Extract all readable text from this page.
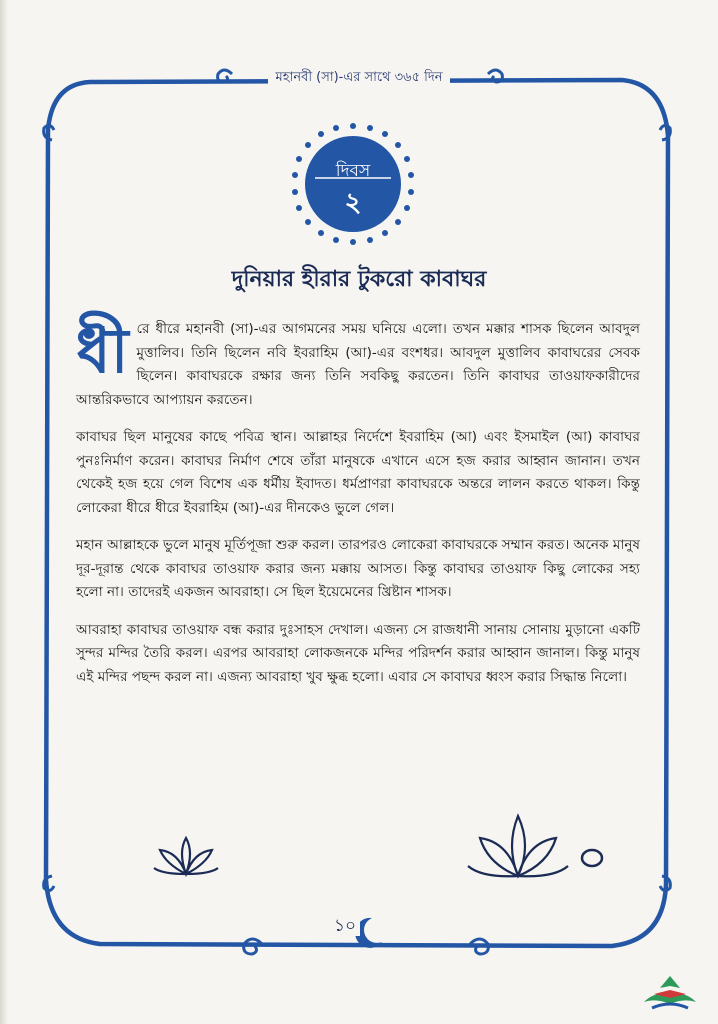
মহানবী (সা)-এর সাথে ৩৬৫ দিন
দিবস
২
দুনিয়ার হীরার টুকরো কাবাঘর

ধী রে ধীরে মহানবী (সা)-এর আগমনের সময় ঘনিয়ে এলো। তখন মক্কার শাসক ছিলেন আবদুল মুত্তালিব। তিনি ছিলেন নবি ইবরাহিম (আ)-এর বংশধর। আবদুল মুত্তালিব কাবাঘরের সেবক ছিলেন। কাবাঘরকে রক্ষার জন্য তিনি সবকিছু করতেন। তিনি কাবাঘর তাওয়াফকারীদের আন্তরিকভাবে আপ্যায়ন করতেন।

কাবাঘর ছিল মানুষের কাছে পবিত্র স্থান। আল্লাহর নির্দেশে ইবরাহিম (আ) এবং ইসমাইল (আ) কাবাঘর পুনঃনির্মাণ করেন। কাবাঘর নির্মাণ শেষে তাঁরা মানুষকে এখানে এসে হজ করার আহ্বান জানান। তখন থেকেই হজ হয়ে গেল বিশেষ এক ধর্মীয় ইবাদত। ধর্মপ্রাণরা কাবাঘরকে অন্তরে লালন করতে থাকল। কিন্তু লোকেরা ধীরে ধীরে ইবরাহিম (আ)-এর দীনকেও ভুলে গেল।

মহান আল্লাহকে ভুলে মানুষ মূর্তিপূজা শুরু করল। তারপরও লোকেরা কাবাঘরকে সম্মান করত। অনেক মানুষ দূর-দূরান্ত থেকে কাবাঘর তাওয়াফ করার জন্য মক্কায় আসত। কিন্তু কাবাঘর তাওয়াফ কিছু লোকের সহ্য হলো না। তাদেরই একজন আবরাহা। সে ছিল ইয়েমেনের খ্রিষ্টান শাসক।

আবরাহা কাবাঘর তাওয়াফ বন্ধ করার দুঃসাহস দেখাল। এজন্য সে রাজধানী সানায় সোনায় মুড়ানো একটি সুন্দর মন্দির তৈরি করল। এরপর আবরাহা লোকজনকে মন্দির পরিদর্শন করার আহ্বান জানাল। কিন্তু মানুষ এই মন্দির পছন্দ করল না। এজন্য আবরাহা খুব ক্ষুব্ধ হলো। এবার সে কাবাঘর ধ্বংস করার সিদ্ধান্ত নিলো।

১০
